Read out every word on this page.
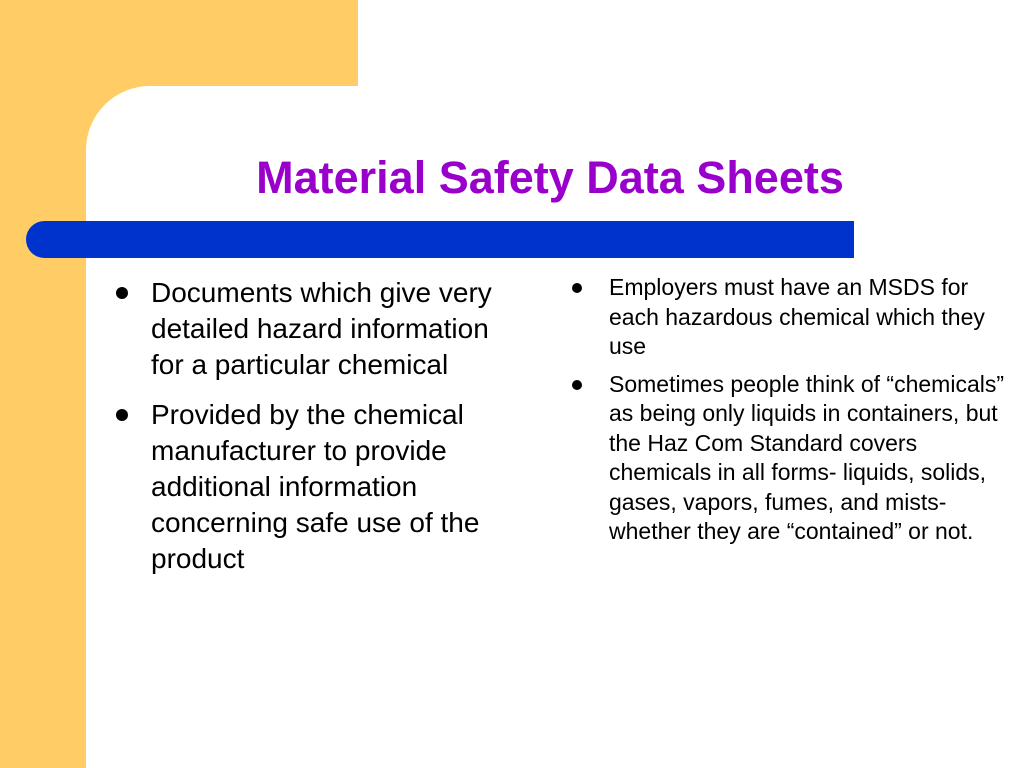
Material Safety Data Sheets
Documents which give very detailed hazard information for a particular chemical
Provided by the chemical manufacturer to provide additional information concerning safe use of the product
Employers must have an MSDS for each hazardous chemical which they use
Sometimes people think of “chemicals” as being only liquids in containers, but the Haz Com Standard covers chemicals in all forms- liquids, solids, gases, vapors, fumes, and mists- whether they are “contained” or not.
